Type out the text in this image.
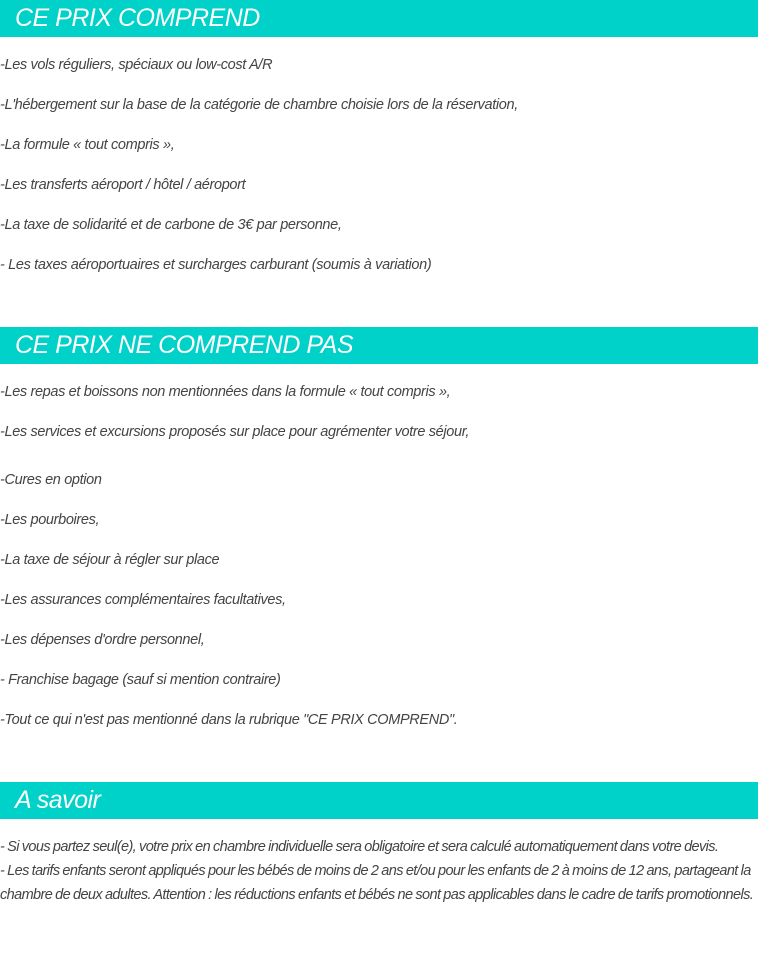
CE PRIX COMPREND
-Les vols réguliers, spéciaux ou low-cost A/R
-L'hébergement sur la base de la catégorie de chambre choisie lors de la réservation,
-La formule « tout compris »,
-Les transferts aéroport / hôtel / aéroport
-La taxe de solidarité et de carbone de 3€ par personne,
- Les taxes aéroportuaires et surcharges carburant (soumis à variation)
CE PRIX NE COMPREND PAS
-Les repas et boissons non mentionnées dans la formule « tout compris »,
-Les services et excursions proposés sur place pour agrémenter votre séjour,
-Cures en option
-Les pourboires,
-La taxe de séjour à régler sur place
-Les assurances complémentaires facultatives,
-Les dépenses d'ordre personnel,
- Franchise bagage (sauf si mention contraire)
-Tout ce qui n'est pas mentionné dans la rubrique "CE PRIX COMPREND".
A savoir

- Si vous partez seul(e), votre prix en chambre individuelle sera obligatoire et sera calculé automatiquement dans votre devis.

- Les tarifs enfants seront appliqués pour les bébés de moins de 2 ans et/ou pour les enfants de 2 à moins de 12 ans, partageant la chambre de deux adultes. Attention : les réductions enfants et bébés ne sont pas applicables dans le cadre de tarifs promotionnels.
